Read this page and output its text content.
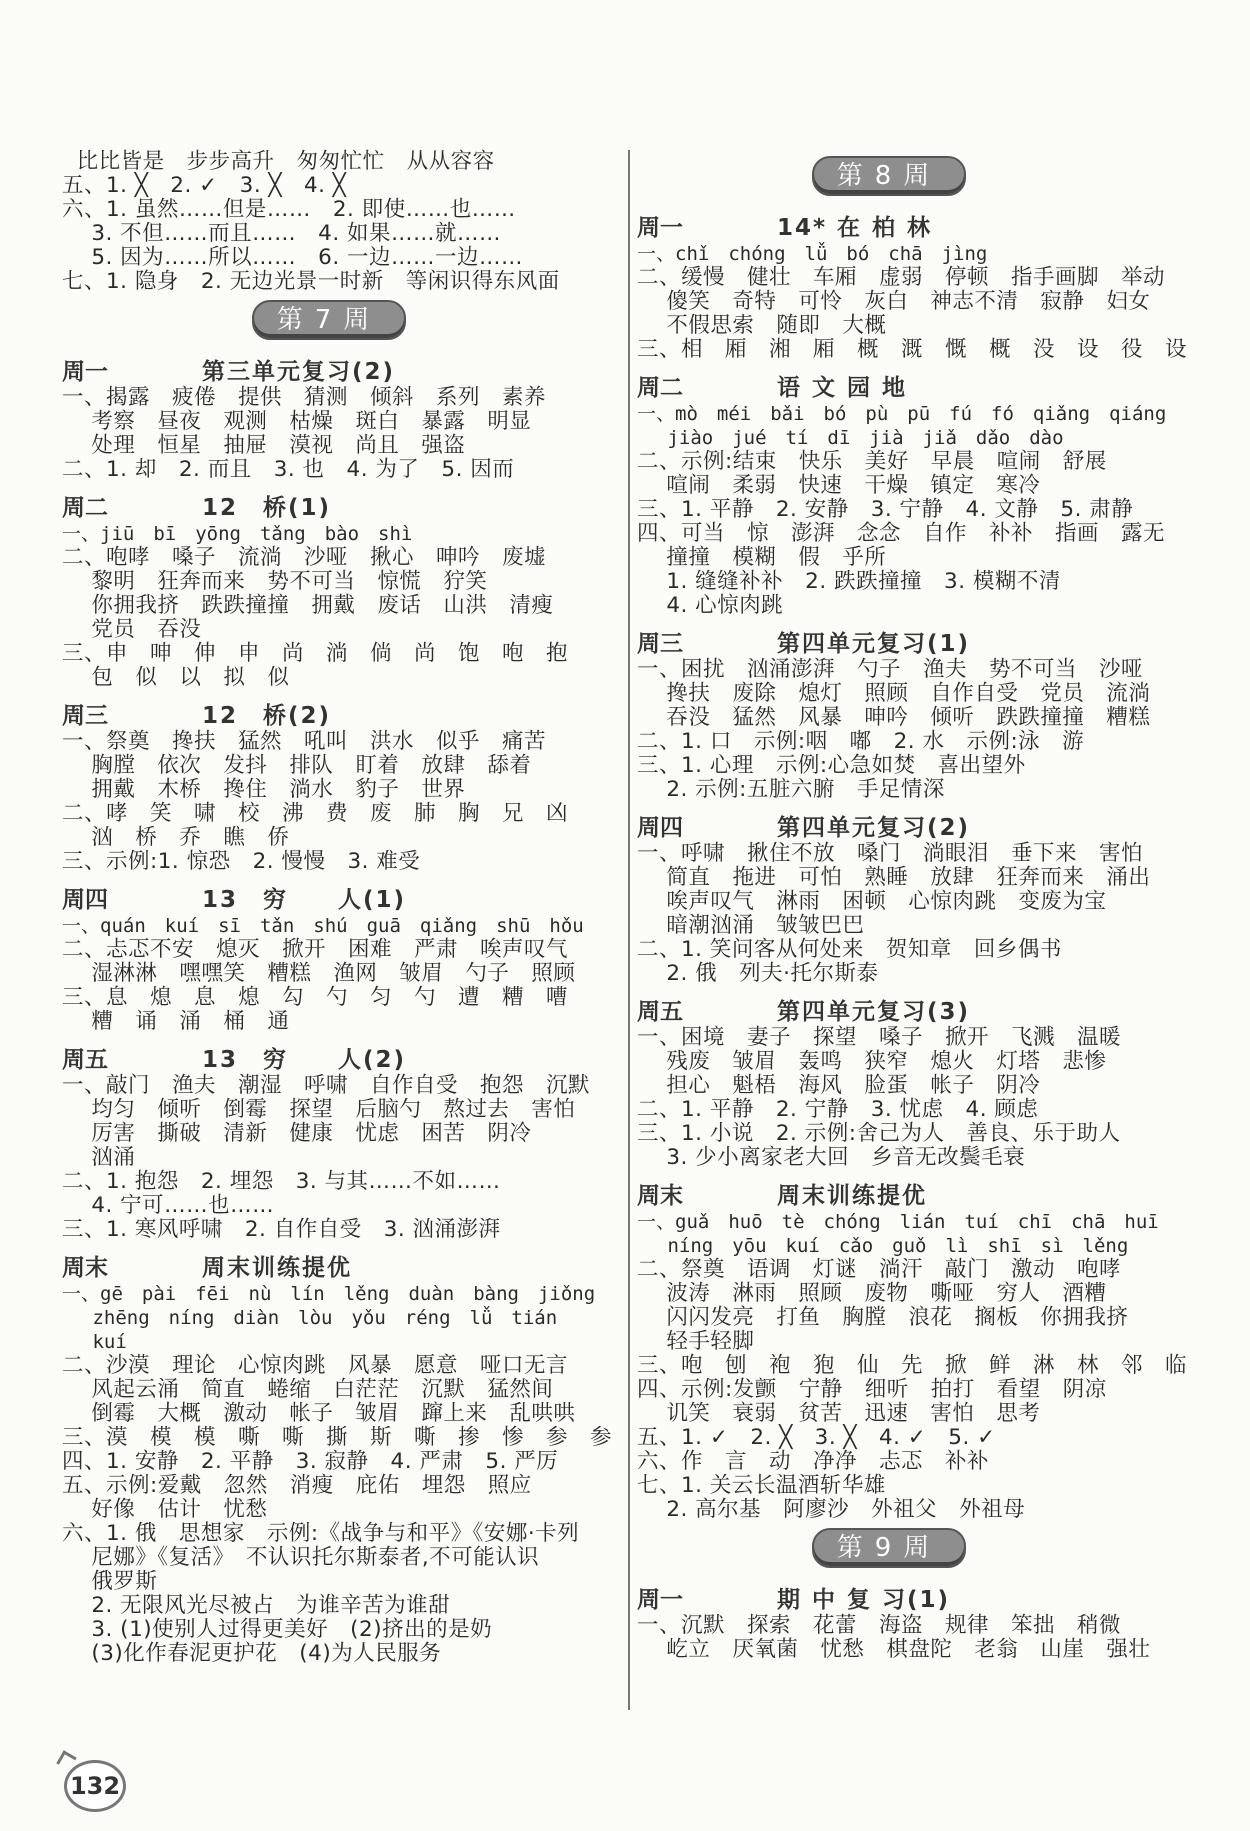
比比皆是　步步高升　匆匆忙忙　从从容容
五、1. ╳　2. ✓　3. ╳　4. ╳
六、1. 虽然……但是……　2. 即使……也……
　 3. 不但……而且……　4. 如果……就……
　 5. 因为……所以……　6. 一边……一边……
七、1. 隐身　2. 无边光景一时新　等闲识得东风面
第7周
周一	第三单元复习(2)
一、揭露　疲倦　提供　猜测　倾斜　系列　素养
　 考察　昼夜　观测　枯燥　斑白　暴露　明显
　 处理　恒星　抽屉　漠视　尚且　强盗
二、1. 却　2. 而且　3. 也　4. 为了　5. 因而
周二	12　桥(1)
一、jiū　bī　yōng　tǎng　bào　shì
二、咆哮　嗓子　流淌　沙哑　揪心　呻吟　废墟
　 黎明　狂奔而来　势不可当　惊慌　狞笑
　 你拥我挤　跌跌撞撞　拥戴　废话　山洪　清瘦
　 党员　吞没
三、申　呻　伸　申　尚　淌　倘　尚　饱　咆　抱
　 包　似　以　拟　似
周三	12　桥(2)
一、祭奠　搀扶　猛然　吼叫　洪水　似乎　痛苦
　 胸膛　依次　发抖　排队　盯着　放肆　舔着
　 拥戴　木桥　搀住　淌水　豹子　世界
二、哮　笑　啸　校　沸　费　废　肺　胸　兄　凶
　 汹　桥　乔　瞧　侨
三、示例:1. 惊恐　2. 慢慢　3. 难受
周四	13　穷　　人(1)
一、quán　kuí　sī　tǎn　shú　guā　qiǎng　shū　hǒu
二、忐忑不安　熄灭　掀开　困难　严肃　唉声叹气
　 湿淋淋　嘿嘿笑　糟糕　渔网　皱眉　勺子　照顾
三、息　熄　息　熄　勾　勺　匀　勺　遭　糟　嘈
　 糟　诵　涌　桶　通
周五	13　穷　　人(2)
一、敲门　渔夫　潮湿　呼啸　自作自受　抱怨　沉默
　 均匀　倾听　倒霉　探望　后脑勺　熬过去　害怕
　 厉害　撕破　清新　健康　忧虑　困苦　阴冷
　 汹涌
二、1. 抱怨　2. 埋怨　3. 与其……不如……
　 4. 宁可……也……
三、1. 寒风呼啸　2. 自作自受　3. 汹涌澎湃
周末	周末训练提优
一、gē　pài　fēi　nù　lín　lěng　duàn　bàng　jiǒng
　 zhēng　níng　diàn　lòu　yǒu　réng　lǚ　tián
　 kuí
二、沙漠　理论　心惊肉跳　风暴　愿意　哑口无言
　 风起云涌　简直　蜷缩　白茫茫　沉默　猛然间
　 倒霉　大概　激动　帐子　皱眉　蹿上来　乱哄哄
三、漠　模　模　嘶　嘶　撕　斯　嘶　掺　惨　参　参
四、1. 安静　2. 平静　3. 寂静　4. 严肃　5. 严厉
五、示例:爱戴　忽然　消瘦　庇佑　埋怨　照应
　 好像　估计　忧愁
六、1. 俄　思想家　示例:《战争与和平》《安娜·卡列
　 尼娜》《复活》　不认识托尔斯泰者,不可能认识
　 俄罗斯
　 2. 无限风光尽被占　为谁辛苦为谁甜
　 3. (1)使别人过得更美好　(2)挤出的是奶
　 (3)化作春泥更护花　(4)为人民服务
第8周
周一	14* 在 柏 林
一、chǐ　chóng　lǚ　bó　chā　jìng
二、缓慢　健壮　车厢　虚弱　停顿　指手画脚　举动
　 傻笑　奇特　可怜　灰白　神志不清　寂静　妇女
　 不假思索　随即　大概
三、相　厢　湘　厢　概　溉　慨　概　没　设　役　设
周二	语 文 园 地
一、mò　méi　bǎi　bó　pù　pū　fú　fó　qiǎng　qiáng
　 jiào　jué　tí　dī　jià　jiǎ　dǎo　dào
二、示例:结束　快乐　美好　早晨　喧闹　舒展
　 喧闹　柔弱　快速　干燥　镇定　寒冷
三、1. 平静　2. 安静　3. 宁静　4. 文静　5. 肃静
四、可当　惊　澎湃　念念　自作　补补　指画　露无
　 撞撞　模糊　假　乎所
　 1. 缝缝补补　2. 跌跌撞撞　3. 模糊不清
　 4. 心惊肉跳
周三	第四单元复习(1)
一、困扰　汹涌澎湃　勺子　渔夫　势不可当　沙哑
　 搀扶　废除　熄灯　照顾　自作自受　党员　流淌
　 吞没　猛然　风暴　呻吟　倾听　跌跌撞撞　糟糕
二、1. 口　示例:咽　嘟　2. 水　示例:泳　游
三、1. 心理　示例:心急如焚　喜出望外
　 2. 示例:五脏六腑　手足情深
周四	第四单元复习(2)
一、呼啸　揪住不放　嗓门　淌眼泪　垂下来　害怕
　 简直　拖进　可怕　熟睡　放肆　狂奔而来　涌出
　 唉声叹气　淋雨　困顿　心惊肉跳　变废为宝
　 暗潮汹涌　皱皱巴巴
二、1. 笑问客从何处来　贺知章　回乡偶书
　 2. 俄　列夫·托尔斯泰
周五	第四单元复习(3)
一、困境　妻子　探望　嗓子　掀开　飞溅　温暖
　 残废　皱眉　轰鸣　狭窄　熄火　灯塔　悲惨
　 担心　魁梧　海风　脸蛋　帐子　阴冷
二、1. 平静　2. 宁静　3. 忧虑　4. 顾虑
三、1. 小说　2. 示例:舍己为人　善良、乐于助人
　 3. 少小离家老大回　乡音无改鬓毛衰
周末	周末训练提优
一、guǎ　huō　tè　chóng　lián　tuí　chī　chā　huī
　 níng　yōu　kuí　cǎo　guǒ　lì　shī　sì　lěng
二、祭奠　语调　灯谜　淌汗　敲门　激动　咆哮
　 波涛　淋雨　照顾　废物　嘶哑　穷人　酒糟
　 闪闪发亮　打鱼　胸膛　浪花　搁板　你拥我挤
　 轻手轻脚
三、咆　刨　袍　狍　仙　先　掀　鲜　淋　林　邻　临
四、示例:发颤　宁静　细听　拍打　看望　阴凉
　 讥笑　衰弱　贫苦　迅速　害怕　思考
五、1. ✓　2. ╳　3. ╳　4. ✓　5. ✓
六、作　言　动　净净　忐忑　补补
七、1. 关云长温酒斩华雄
　 2. 高尔基　阿廖沙　外祖父　外祖母
第9周
周一	期 中 复 习(1)
一、沉默　探索　花蕾　海盗　规律　笨拙　稍微
　 屹立　厌氧菌　忧愁　棋盘陀　老翁　山崖　强壮
132
